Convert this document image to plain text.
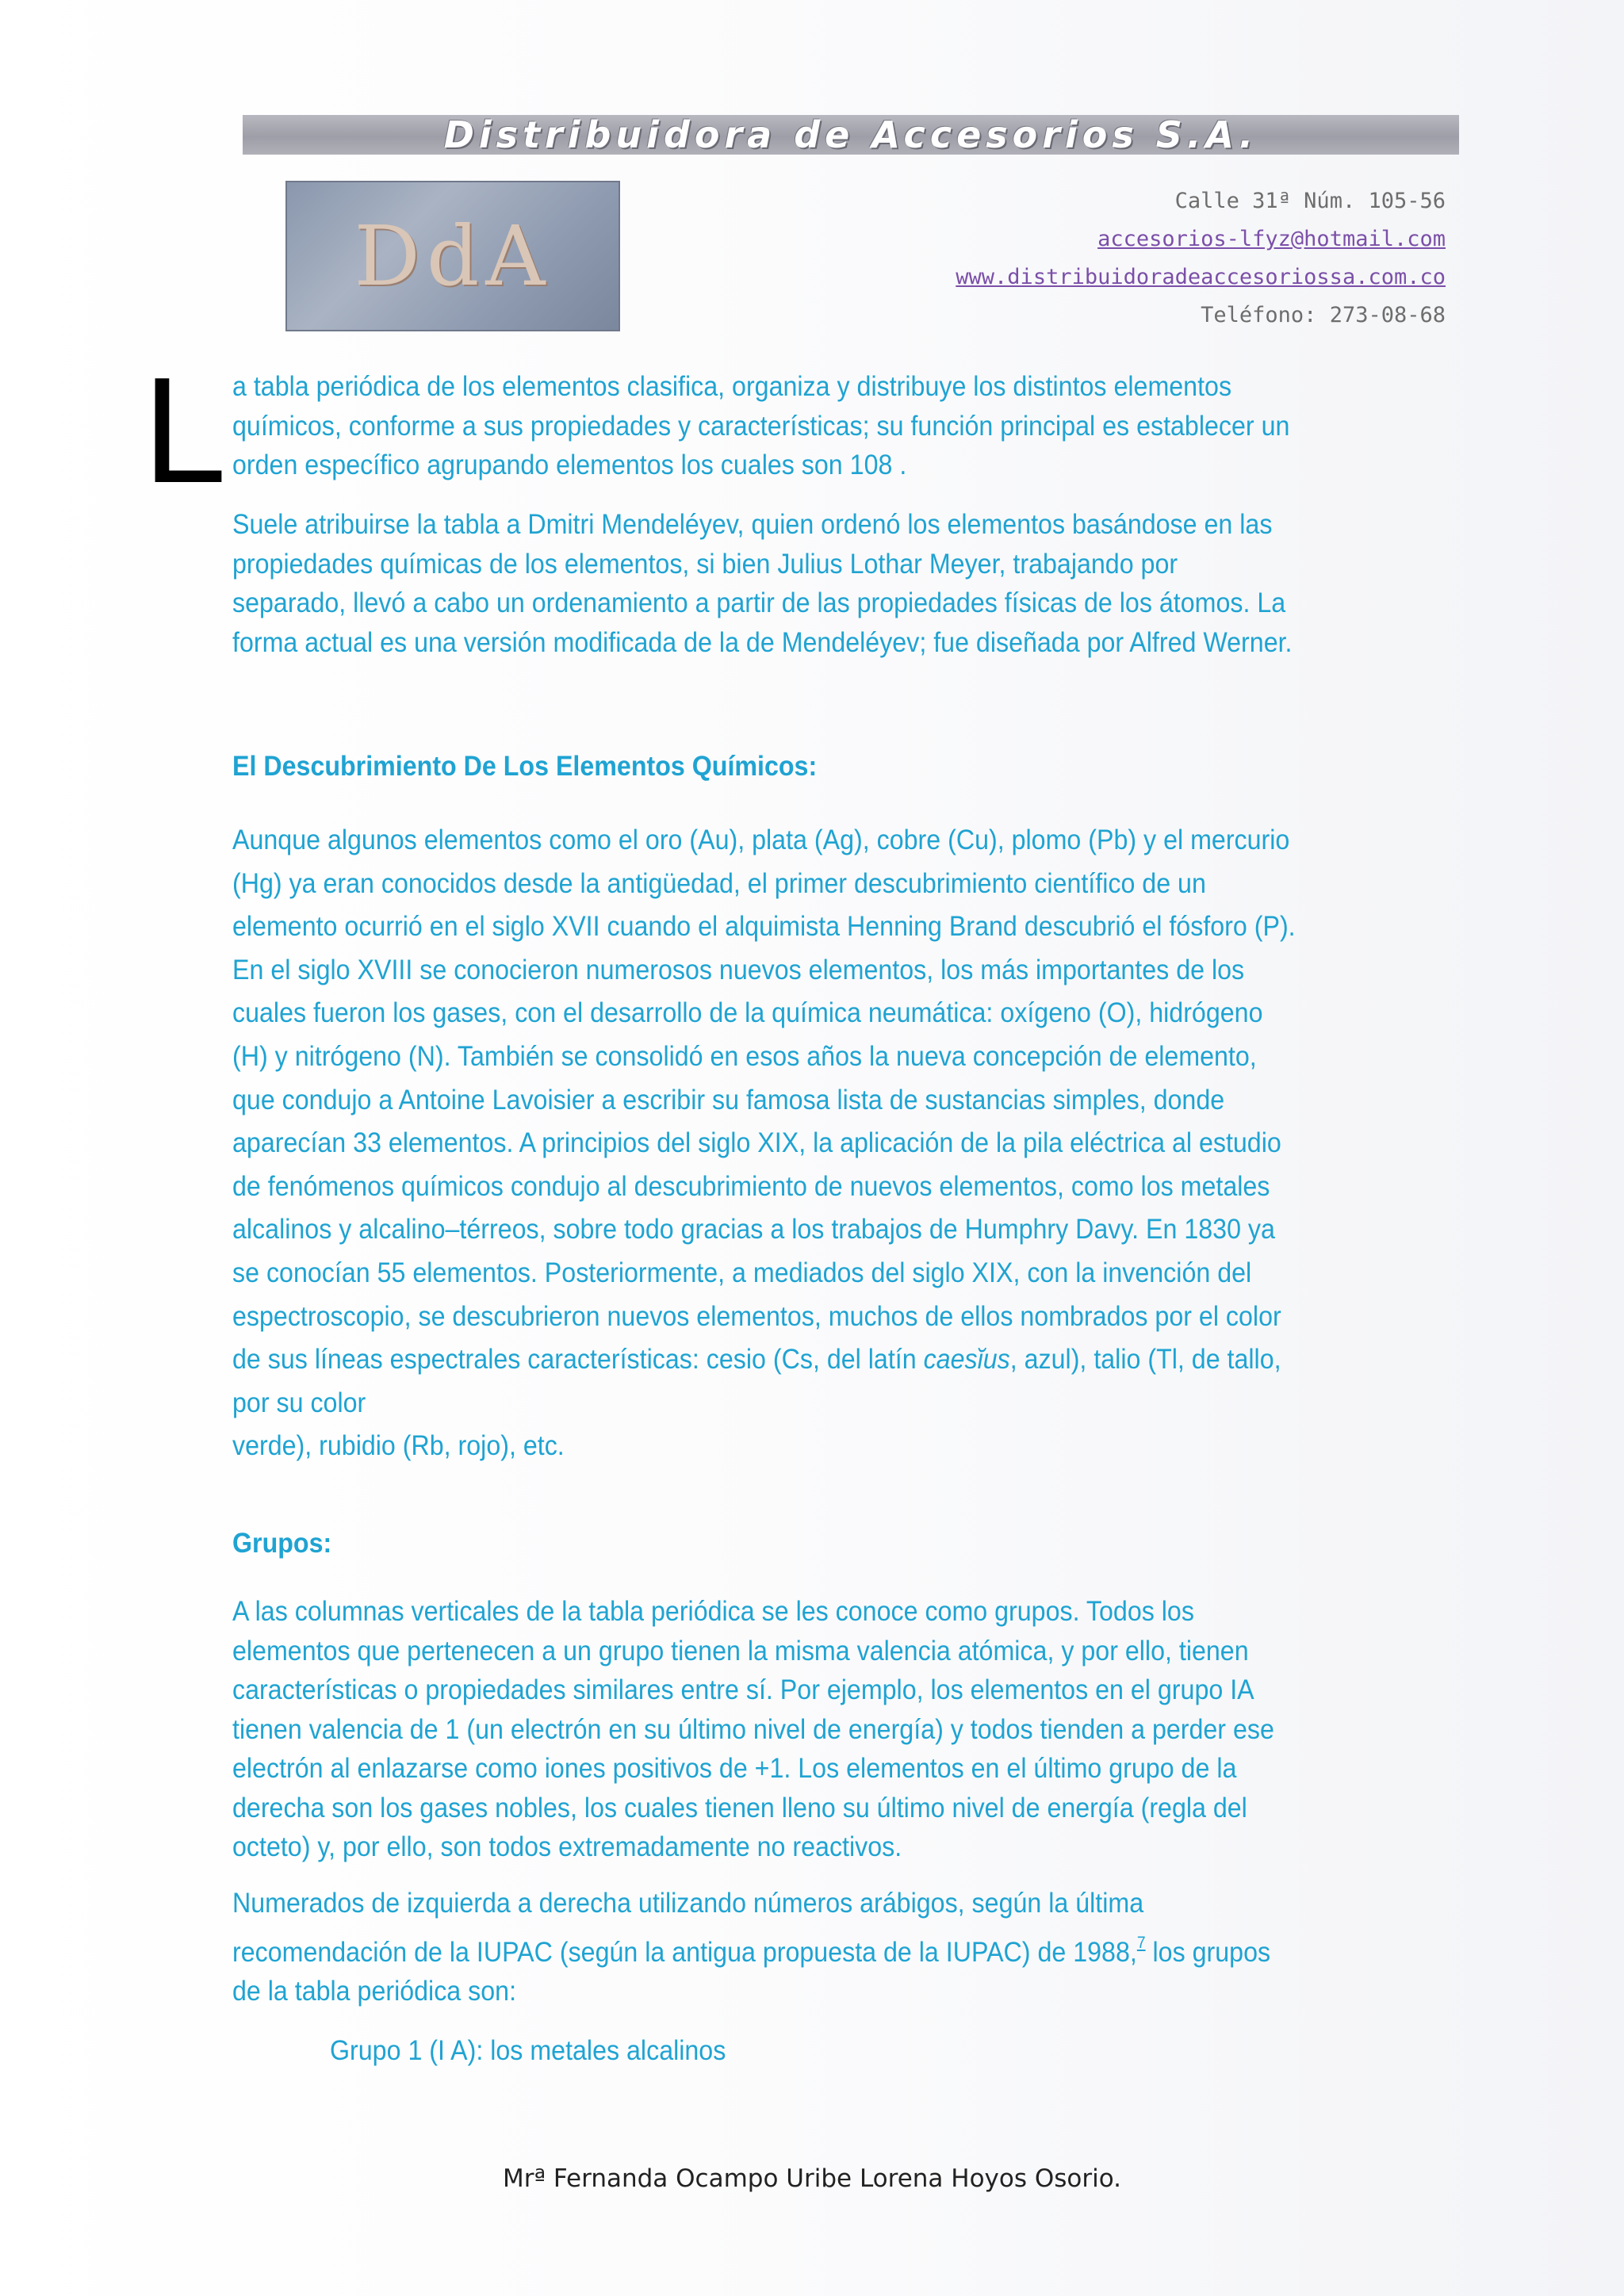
Distribuidora de Accesorios S.A.
DdA
Calle 31ª Núm. 105-56
accesorios-lfyz@hotmail.com
www.distribuidoradeaccesoriossa.com.co
Teléfono: 273-08-68
L a tabla periódica de los elementos clasifica, organiza y distribuye los distintos elementos químicos, conforme a sus propiedades y características; su función principal es establecer un orden específico agrupando elementos los cuales son 108 .

Suele atribuirse la tabla a Dmitri Mendeléyev, quien ordenó los elementos basándose en las propiedades químicas de los elementos, si bien Julius Lothar Meyer, trabajando por separado, llevó a cabo un ordenamiento a partir de las propiedades físicas de los átomos. La forma actual es una versión modificada de la de Mendeléyev; fue diseñada por Alfred Werner.

El Descubrimiento De Los Elementos Químicos:

Aunque algunos elementos como el oro (Au), plata (Ag), cobre (Cu), plomo (Pb) y el mercurio (Hg) ya eran conocidos desde la antigüedad, el primer descubrimiento científico de un elemento ocurrió en el siglo XVII cuando el alquimista Henning Brand descubrió el fósforo (P). En el siglo XVIII se conocieron numerosos nuevos elementos, los más importantes de los cuales fueron los gases, con el desarrollo de la química neumática: oxígeno (O), hidrógeno (H) y nitrógeno (N). También se consolidó en esos años la nueva concepción de elemento, que condujo a Antoine Lavoisier a escribir su famosa lista de sustancias simples, donde aparecían 33 elementos. A principios del siglo XIX, la aplicación de la pila eléctrica al estudio de fenómenos químicos condujo al descubrimiento de nuevos elementos, como los metales alcalinos y alcalino–térreos, sobre todo gracias a los trabajos de Humphry Davy. En 1830 ya se conocían 55 elementos. Posteriormente, a mediados del siglo XIX, con la invención del espectroscopio, se descubrieron nuevos elementos, muchos de ellos nombrados por el color de sus líneas espectrales características: cesio (Cs, del latín caesĭus, azul), talio (Tl, de tallo, por su color
verde), rubidio (Rb, rojo), etc.

Grupos:

A las columnas verticales de la tabla periódica se les conoce como grupos. Todos los elementos que pertenecen a un grupo tienen la misma valencia atómica, y por ello, tienen características o propiedades similares entre sí. Por ejemplo, los elementos en el grupo IA tienen valencia de 1 (un electrón en su último nivel de energía) y todos tienden a perder ese electrón al enlazarse como iones positivos de +1. Los elementos en el último grupo de la derecha son los gases nobles, los cuales tienen lleno su último nivel de energía (regla del octeto) y, por ello, son todos extremadamente no reactivos.

Numerados de izquierda a derecha utilizando números arábigos, según la última recomendación de la IUPAC (según la antigua propuesta de la IUPAC) de 1988,$^7$ los grupos de la tabla periódica son:

Grupo 1 (I A): los metales alcalinos

Mrª Fernanda Ocampo Uribe Lorena Hoyos Osorio.
